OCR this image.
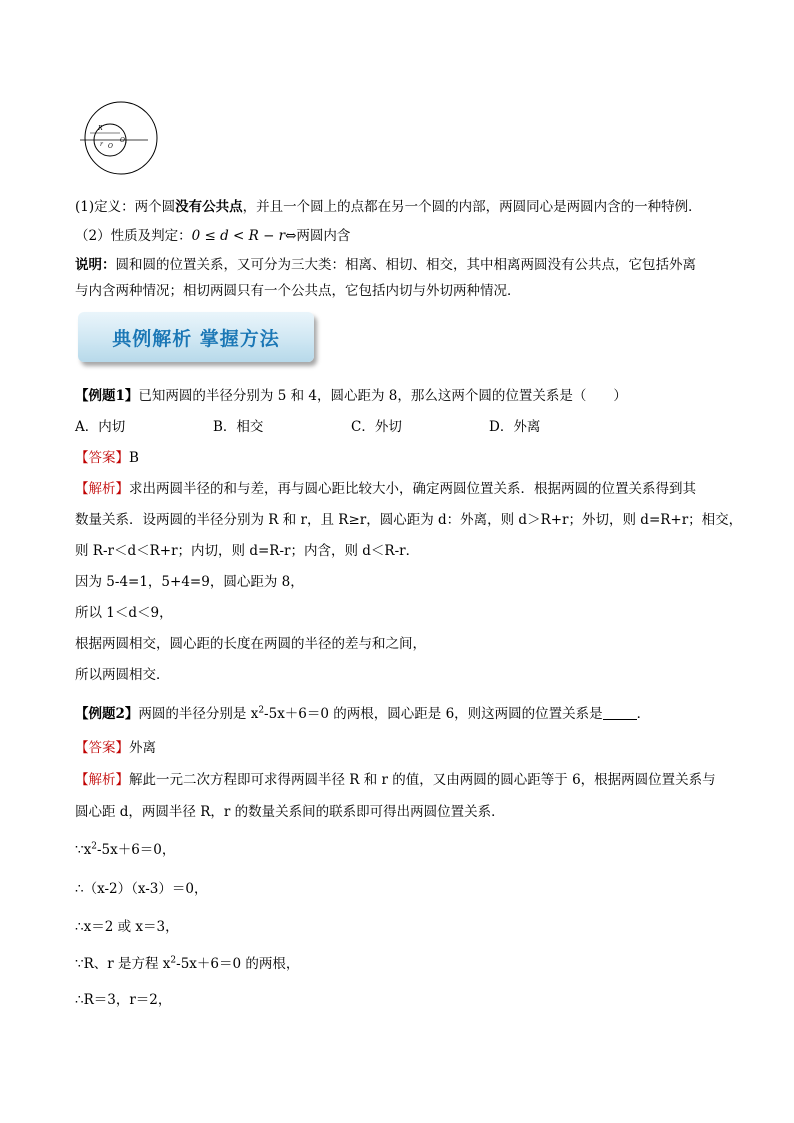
R
r O
O1
(1)定义：两个圆没有公共点，并且一个圆上的点都在另一个圆的内部，两圆同心是两圆内含的一种特例．
（2）性质及判定：0 ≤ d < R − r⇔两圆内含
说明：圆和圆的位置关系，又可分为三大类：相离、相切、相交，其中相离两圆没有公共点，它包括外离
与内含两种情况；相切两圆只有一个公共点，它包括内切与外切两种情况．
典例解析 掌握方法
【例题1】已知两圆的半径分别为 5 和 4，圆心距为 8，那么这两个圆的位置关系是（　　）
A．内切	B．相交	C．外切	D．外离
【答案】B
【解析】求出两圆半径的和与差，再与圆心距比较大小，确定两圆位置关系．根据两圆的位置关系得到其
数量关系．设两圆的半径分别为 R 和 r，且 R≥r，圆心距为 d：外离，则 d＞R+r；外切，则 d=R+r；相交，
则 R-r＜d＜R+r；内切，则 d=R-r；内含，则 d＜R-r．
因为 5-4=1，5+4=9，圆心距为 8，
所以 1＜d＜9，
根据两圆相交，圆心距的长度在两圆的半径的差与和之间，
所以两圆相交．
【例题2】两圆的半径分别是 $x^2-5x+6=0$ 的两根，圆心距是 6，则这两圆的位置关系是	．
【答案】外离
【解析】解此一元二次方程即可求得两圆半径 R 和 r 的值，又由两圆的圆心距等于 6，根据两圆位置关系与
圆心距 d，两圆半径 R，r 的数量关系间的联系即可得出两圆位置关系．
$\because x^2-5x+6=0$，
∴（x-2）（x-3）＝0，
∴x＝2 或 x＝3，
∵R、r 是方程 $x^2-5x+6=0$ 的两根，
∴R＝3，r＝2，
